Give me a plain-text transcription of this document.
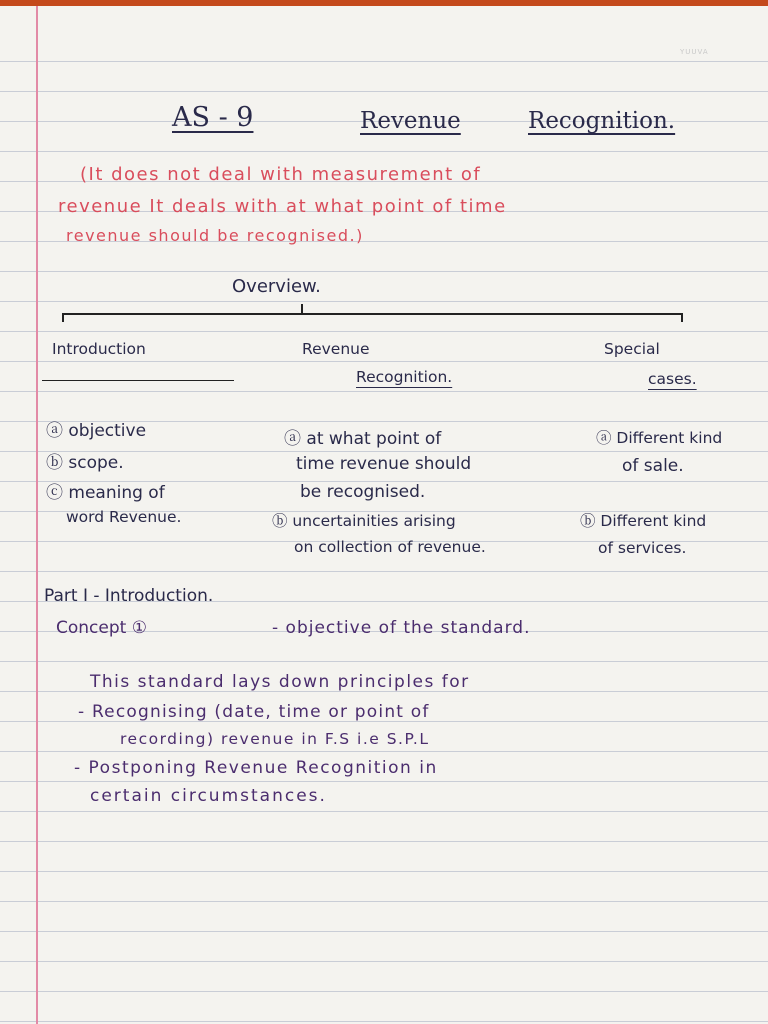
YUUVA
AS - 9	Revenue	Recognition.
(It does not deal with measurement of
revenue It deals with at what point of time
revenue should be recognised.)
Overview.
Introduction	Revenue
Recognition.
Special
cases.
ⓐ objective
ⓑ scope.
ⓒ meaning of
word Revenue.
ⓐ at what point of
time revenue should
be recognised.
ⓑ uncertainities arising
on collection of revenue.
ⓐ Different kind
of sale.
ⓑ Different kind
of services.
Part I - Introduction.
Concept ①	- objective of the standard.
This standard lays down principles for
- Recognising (date, time or point of
recording) revenue in F.S i.e S.P.L
- Postponing Revenue Recognition in
certain circumstances.
